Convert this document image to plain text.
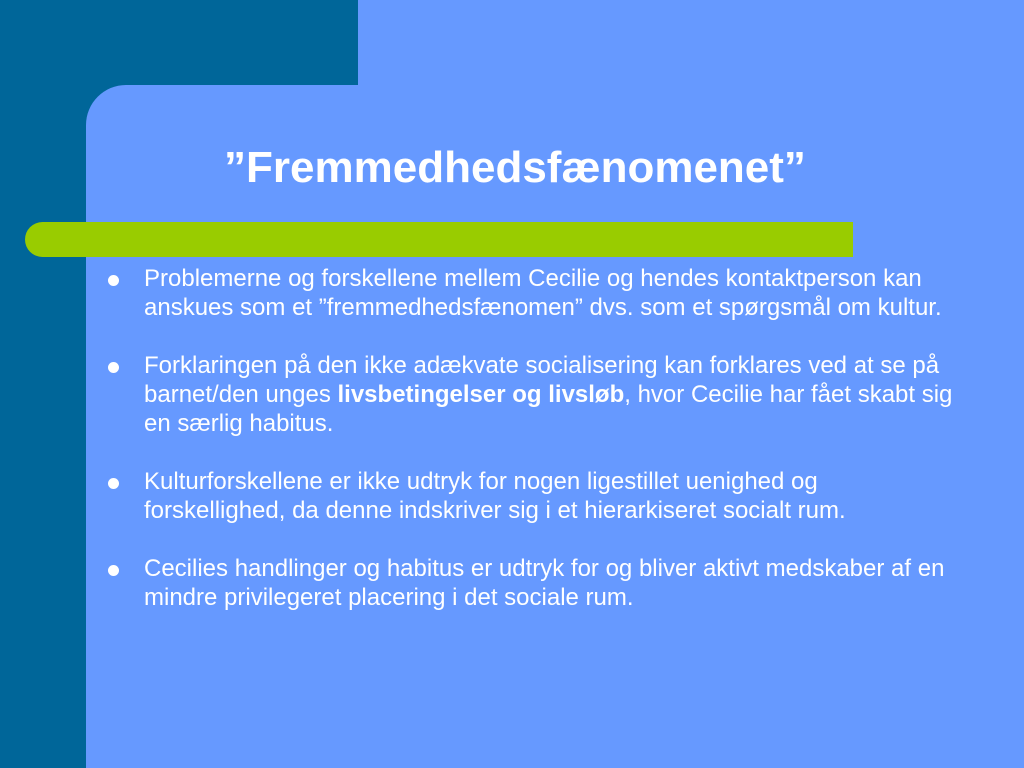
”Fremmedhedsfænomenet”
Problemerne og forskellene mellem Cecilie og hendes kontaktperson kan anskues som et ”fremmedhedsfænomen” dvs. som et spørgsmål om kultur.
Forklaringen på den ikke adækvate socialisering kan forklares ved at se på barnet/den unges livsbetingelser og livsløb, hvor Cecilie har fået skabt sig en særlig habitus.
Kulturforskellene er ikke udtryk for nogen ligestillet uenighed og forskellighed, da denne indskriver sig i et hierarkiseret socialt rum.
Cecilies handlinger og habitus er udtryk for og bliver aktivt medskaber af en mindre privilegeret placering i det sociale rum.
